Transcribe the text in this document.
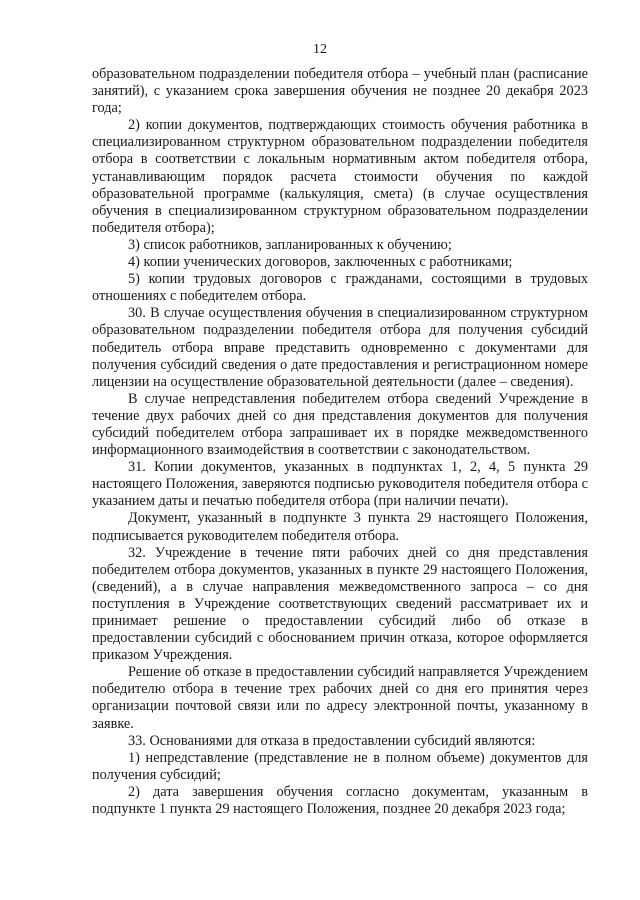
12

образовательном подразделении победителя отбора – учебный план (расписание занятий), с указанием срока завершения обучения не позднее 20 декабря 2023 года;

2) копии документов, подтверждающих стоимость обучения работника в специализированном структурном образовательном подразделении победителя отбора в соответствии с локальным нормативным актом победителя отбора, устанавливающим порядок расчета стоимости обучения по каждой образовательной программе (калькуляция, смета) (в случае осуществления обучения в специализированном структурном образовательном подразделении победителя отбора);

3) список работников, запланированных к обучению;

4) копии ученических договоров, заключенных с работниками;

5) копии трудовых договоров с гражданами, состоящими в трудовых отношениях с победителем отбора.

30. В случае осуществления обучения в специализированном структурном образовательном подразделении победителя отбора для получения субсидий победитель отбора вправе представить одновременно с документами для получения субсидий сведения о дате предоставления и регистрационном номере лицензии на осуществление образовательной деятельности (далее – сведения).

В случае непредставления победителем отбора сведений Учреждение в течение двух рабочих дней со дня представления документов для получения субсидий победителем отбора запрашивает их в порядке межведомственного информационного взаимодействия в соответствии с законодательством.

31. Копии документов, указанных в подпунктах 1, 2, 4, 5 пункта 29 настоящего Положения, заверяются подписью руководителя победителя отбора с указанием даты и печатью победителя отбора (при наличии печати).

Документ, указанный в подпункте 3 пункта 29 настоящего Положения, подписывается руководителем победителя отбора.

32. Учреждение в течение пяти рабочих дней со дня представления победителем отбора документов, указанных в пункте 29 настоящего Положения, (сведений), а в случае направления межведомственного запроса – со дня поступления в Учреждение соответствующих сведений рассматривает их и принимает решение о предоставлении субсидий либо об отказе в предоставлении субсидий с обоснованием причин отказа, которое оформляется приказом Учреждения.

Решение об отказе в предоставлении субсидий направляется Учреждением победителю отбора в течение трех рабочих дней со дня его принятия через организации почтовой связи или по адресу электронной почты, указанному в заявке.

33. Основаниями для отказа в предоставлении субсидий являются:

1) непредставление (представление не в полном объеме) документов для получения субсидий;

2) дата завершения обучения согласно документам, указанным в подпункте 1 пункта 29 настоящего Положения, позднее 20 декабря 2023 года;
